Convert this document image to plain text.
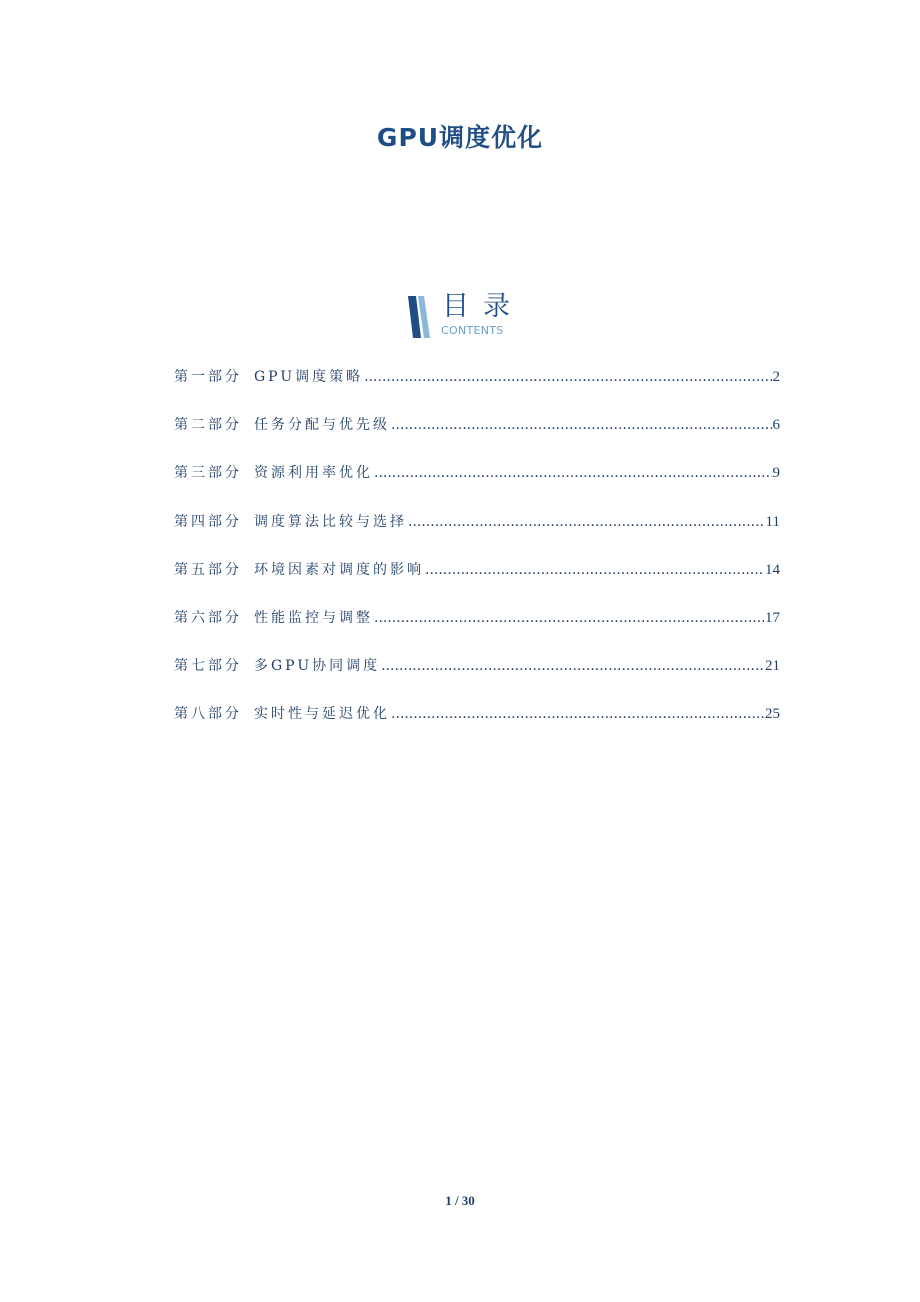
GPU调度优化
目录
CONTENTS
第一部分 GPU调度策略 .....	2
第二部分 任务分配与优先级 .....	6
第三部分 资源利用率优化 .....	9
第四部分 调度算法比较与选择 .....	11
第五部分 环境因素对调度的影响 .....	14
第六部分 性能监控与调整 .....	17
第七部分 多GPU协同调度 .....	21
第八部分 实时性与延迟优化 .....	25
1 / 30
